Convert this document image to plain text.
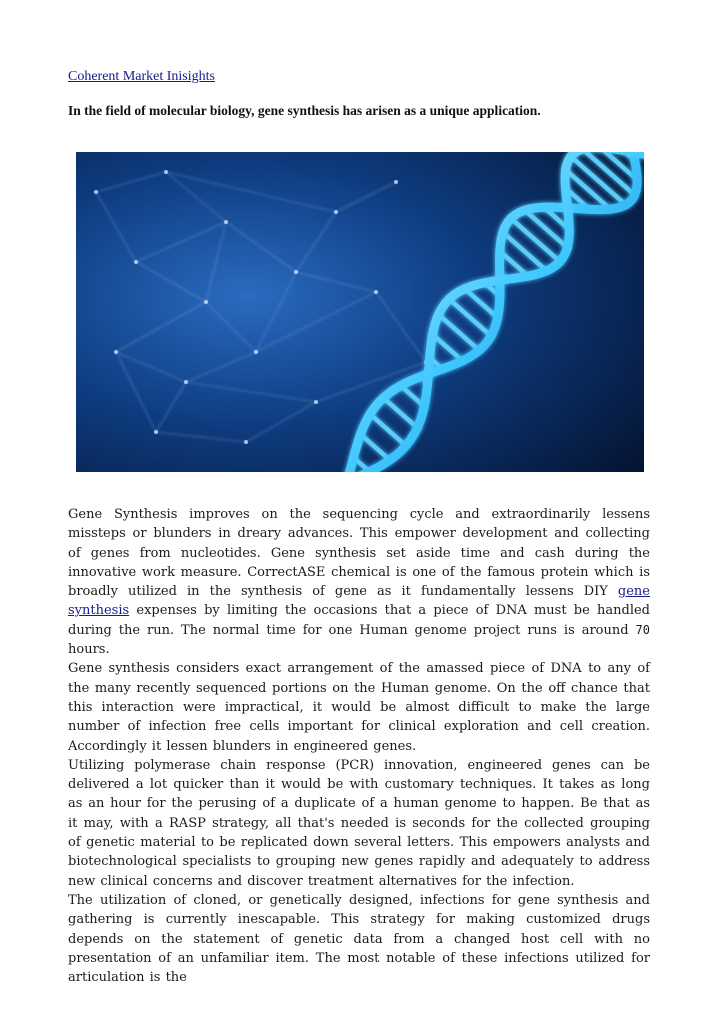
Coherent Market Inisights
In the field of molecular biology, gene synthesis has arisen as a unique application.

Gene Synthesis improves on the sequencing cycle and extraordinarily lessens missteps or blunders in dreary advances. This empower development and collecting of genes from nucleotides. Gene synthesis set aside time and cash during the innovative work measure. CorrectASE chemical is one of the famous protein which is broadly utilized in the synthesis of gene as it fundamentally lessens DIY gene synthesis expenses by limiting the occasions that a piece of DNA must be handled during the run. The normal time for one Human genome project runs is around 70 hours.

Gene synthesis considers exact arrangement of the amassed piece of DNA to any of the many recently sequenced portions on the Human genome. On the off chance that this interaction were impractical, it would be almost difficult to make the large number of infection free cells important for clinical exploration and cell creation. Accordingly it lessen blunders in engineered genes.

Utilizing polymerase chain response (PCR) innovation, engineered genes can be delivered a lot quicker than it would be with customary techniques. It takes as long as an hour for the perusing of a duplicate of a human genome to happen. Be that as it may, with a RASP strategy, all that's needed is seconds for the collected grouping of genetic material to be replicated down several letters. This empowers analysts and biotechnological specialists to grouping new genes rapidly and adequately to address new clinical concerns and discover treatment alternatives for the infection.

The utilization of cloned, or genetically designed, infections for gene synthesis and gathering is currently inescapable. This strategy for making customized drugs depends on the statement of genetic data from a changed host cell with no presentation of an unfamiliar item. The most notable of these infections utilized for articulation is the
